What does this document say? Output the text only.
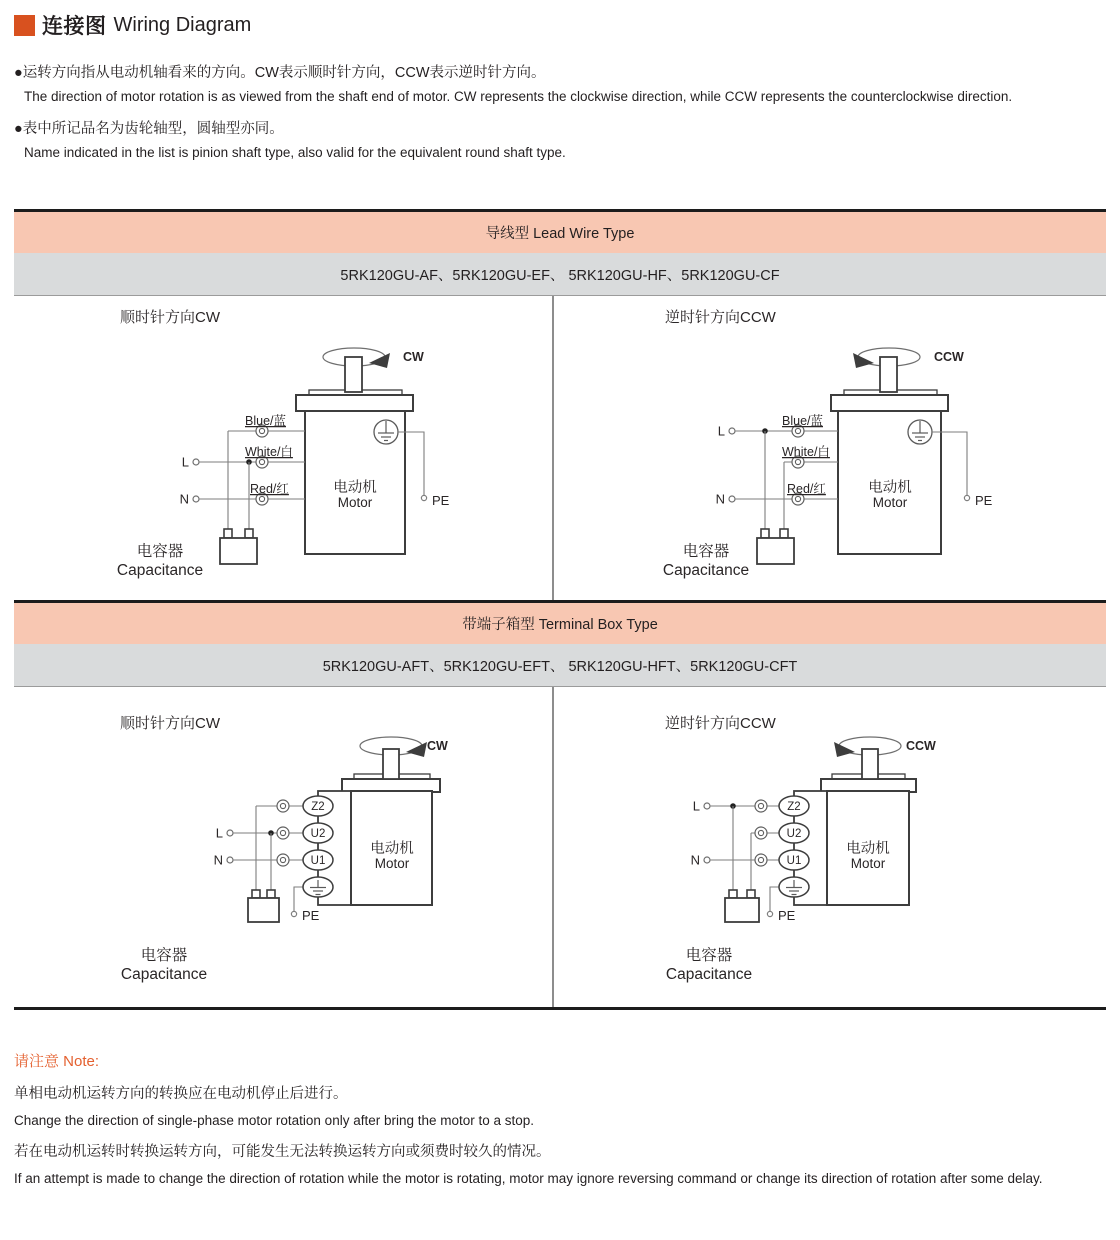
连接图 Wiring Diagram
●运转方向指从电动机轴看来的方向。CW表示顺时针方向，CCW表示逆时针方向。
The direction of motor rotation is as viewed from the shaft end of motor. CW represents the clockwise direction, while CCW represents the counterclockwise direction.
●表中所记品名为齿轮轴型，圆轴型亦同。
Name indicated in the list is pinion shaft type, also valid for the equivalent round shaft type.
导线型 Lead Wire Type
5RK120GU-AF、5RK120GU-EF、 5RK120GU-HF、5RK120GU-CF
顺时针方向CW
CW
PE
Blue/蓝
L
White/白
N
Red/红
电容器
Capacitance
电动机
Motor
逆时针方向CCW
CCW
PE
L
Blue/蓝
White/白
N
Red/红
电容器
Capacitance
电动机
Motor
带端子箱型 Terminal Box Type
5RK120GU-AFT、5RK120GU-EFT、 5RK120GU-HFT、5RK120GU-CFT
顺时针方向CW
CW
PE
L
N
Z2
U2
U1
电容器
Capacitance
电动机
Motor
逆时针方向CCW
CCW
PE
L
N
Z2
U2
U1
电容器
Capacitance
电动机
Motor
请注意 Note:
单相电动机运转方向的转换应在电动机停止后进行。
Change the direction of single-phase motor rotation only after bring the motor to a stop.
若在电动机运转时转换运转方向，可能发生无法转换运转方向或须费时较久的情况。
If an attempt is made to change the direction of rotation while the motor is rotating, motor may ignore reversing command or change its direction of rotation after some delay.
